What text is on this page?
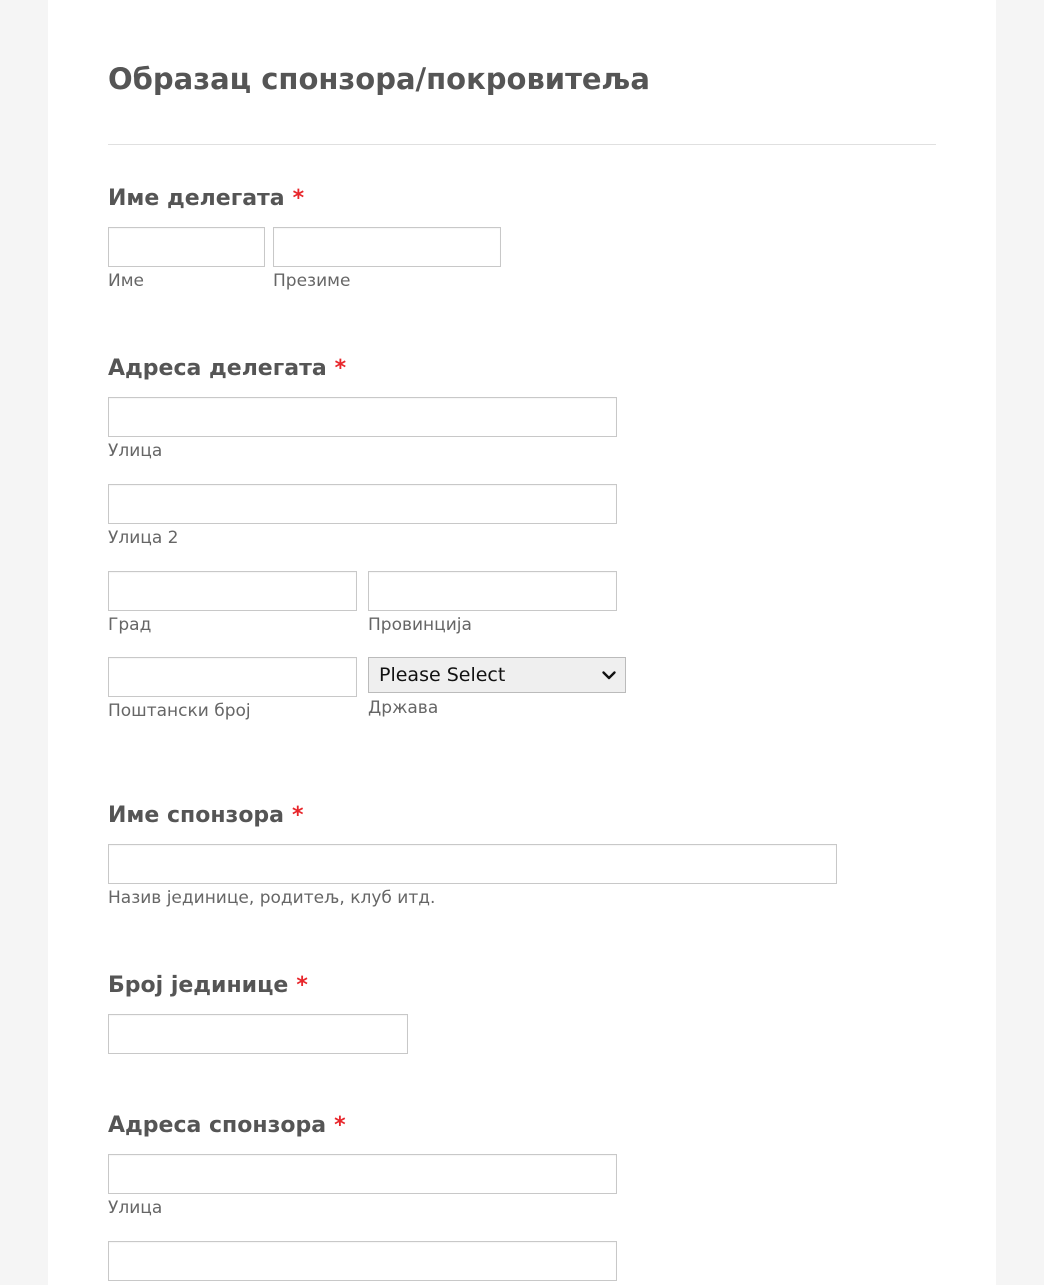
Образац спонзора/покровитеља
Име делегата *
Име	Презиме
Адреса делегата *
Улица
Улица 2
Град	Провинција
Please Select
Поштански број	Држава
Име спонзора *
Назив јединице, родитељ, клуб итд.
Број јединице *
Адреса спонзора *
Улица
